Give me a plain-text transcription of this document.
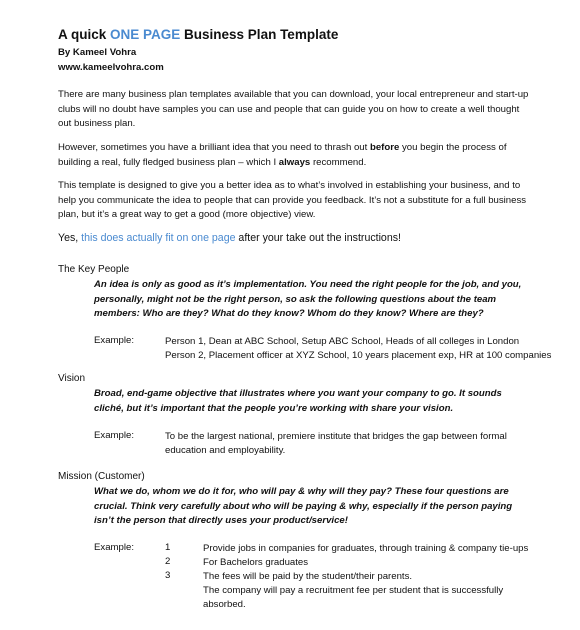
A quick ONE PAGE Business Plan Template
By Kameel Vohra
www.kameelvohra.com

There are many business plan templates available that you can download, your local entrepreneur and start-up clubs will no doubt have samples you can use and people that can guide you on how to create a well thought out business plan.

However, sometimes you have a brilliant idea that you need to thrash out before you begin the process of building a real, fully fledged business plan – which I always recommend.

This template is designed to give you a better idea as to what’s involved in establishing your business, and to help you communicate the idea to people that can provide you feedback. It’s not a substitute for a full business plan, but it’s a great way to get a good (more objective) view.

Yes, this does actually fit on one page after your take out the instructions!
The Key People

An idea is only as good as it’s implementation. You need the right people for the job, and you, personally, might not be the right person, so ask the following questions about the team members: Who are they? What do they know? Whom do they know? Where are they?

Example:	Person 1, Dean at ABC School, Setup ABC School, Heads of all colleges in London
Person 2, Placement officer at XYZ School, 10 years placement exp, HR at 100 companies
Vision

Broad, end-game objective that illustrates where you want your company to go. It sounds cliché, but it’s important that the people you’re working with share your vision.

Example:	To be the largest national, premiere institute that bridges the gap between formal
education and employability.
Mission (Customer)

What we do, whom we do it for, who will pay & why will they pay? These four questions are crucial. Think very carefully about who will be paying & why, especially if the person paying isn’t the person that directly uses your product/service!

Example:	1	Provide jobs in companies for graduates, through training & company tie-ups
2	For Bachelors graduates
3	The fees will be paid by the student/their parents.
The company will pay a recruitment fee per student that is successfully
absorbed.
